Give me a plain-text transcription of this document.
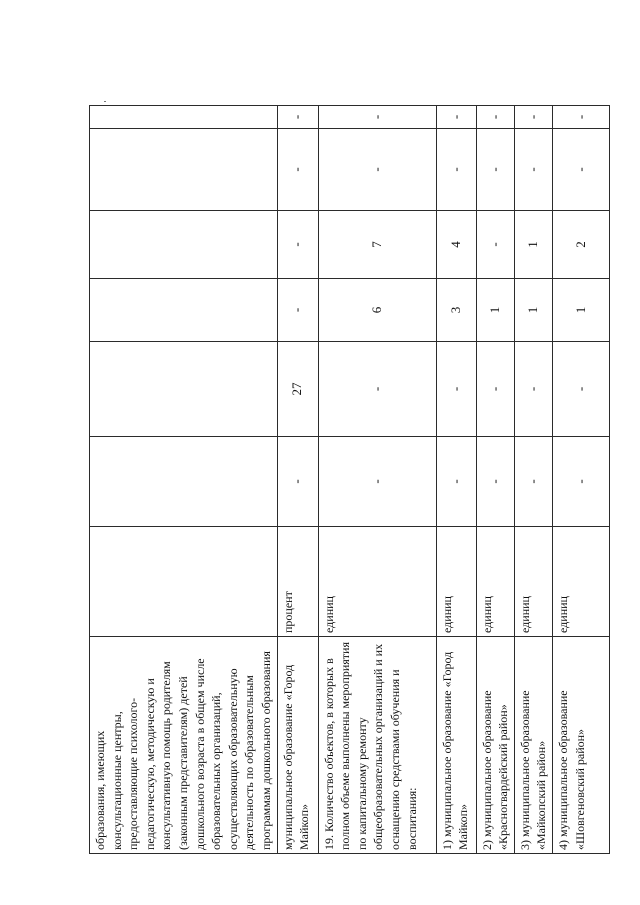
образования, имеющих консультационные центры, предоставляющие психолого-педагогическую, методическую и консультативную помощь родителям (законным представителям) детей дошкольного возраста в общем числе образовательных организаций, осуществляющих образовательную деятельность по образовательным программам дошкольного образования							
муниципальное образование «Город Майкоп»	процент	-	27	-	-	-	-
19. Количество объектов, в которых в полном объеме выполнены мероприятия по капитальному ремонту общеобразовательных организаций и их оснащению средствами обучения и воспитания:	единиц	-	-	6	7	-	-
1) муниципальное образование «Город Майкоп»	единиц	-	-	3	4	-	-
2) муниципальное образование «Красногвардейский район»	единиц	-	-	1	-	-	-
3) муниципальное образование «Майкопский район»	единиц	-	-	1	1	-	-
4) муниципальное образование «Шовгеновский район»	единиц	-	-	1	2	-	-
